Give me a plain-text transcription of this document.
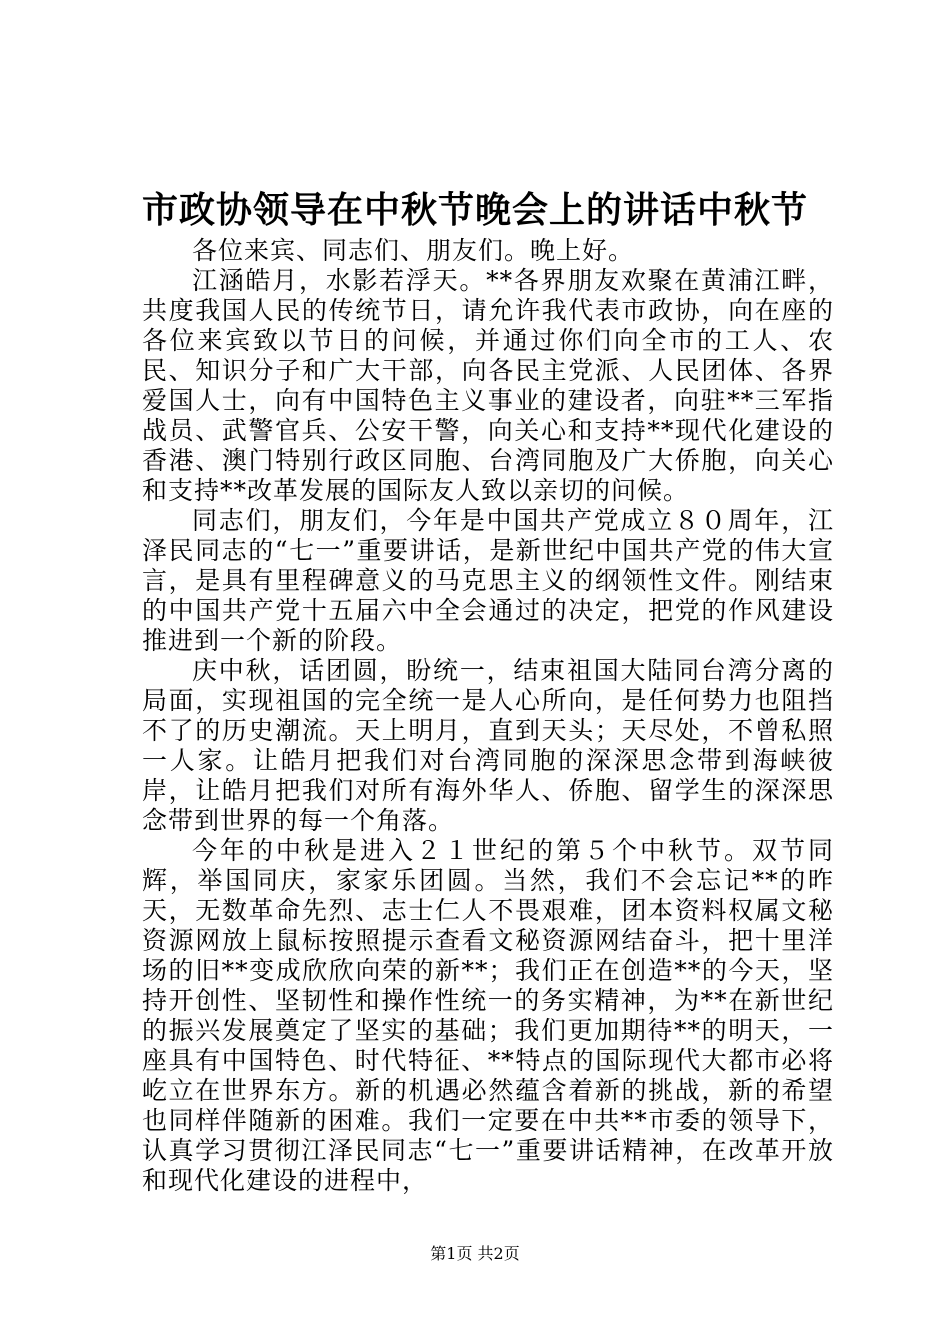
市政协领导在中秋节晚会上的讲话中秋节

各位来宾、同志们、朋友们。晚上好。

江涵皓月，水影若浮天。**各界朋友欢聚在黄浦江畔，共度我国人民的传统节日，请允许我代表市政协，向在座的各位来宾致以节日的问候，并通过你们向全市的工人、农民、知识分子和广大干部，向各民主党派、人民团体、各界爱国人士，向有中国特色主义事业的建设者，向驻**三军指战员、武警官兵、公安干警，向关心和支持**现代化建设的香港、澳门特别行政区同胞、台湾同胞及广大侨胞，向关心和支持**改革发展的国际友人致以亲切的问候。

同志们，朋友们，今年是中国共产党成立８０周年，江泽民同志的“七一”重要讲话，是新世纪中国共产党的伟大宣言，是具有里程碑意义的马克思主义的纲领性文件。刚结束的中国共产党十五届六中全会通过的决定，把党的作风建设推进到一个新的阶段。

庆中秋，话团圆，盼统一，结束祖国大陆同台湾分离的局面，实现祖国的完全统一是人心所向，是任何势力也阻挡不了的历史潮流。天上明月，直到天头；天尽处，不曾私照一人家。让皓月把我们对台湾同胞的深深思念带到海峡彼岸，让皓月把我们对所有海外华人、侨胞、留学生的深深思念带到世界的每一个角落。

今年的中秋是进入２１世纪的第５个中秋节。双节同辉，举国同庆，家家乐团圆。当然，我们不会忘记**的昨天，无数革命先烈、志士仁人不畏艰难，团本资料权属文秘资源网放上鼠标按照提示查看文秘资源网结奋斗，把十里洋场的旧**变成欣欣向荣的新**；我们正在创造**的今天，坚持开创性、坚韧性和操作性统一的务实精神，为**在新世纪的振兴发展奠定了坚实的基础；我们更加期待**的明天，一座具有中国特色、时代特征、**特点的国际现代大都市必将屹立在世界东方。新的机遇必然蕴含着新的挑战，新的希望也同样伴随新的困难。我们一定要在中共**市委的领导下，认真学习贯彻江泽民同志“七一”重要讲话精神，在改革开放和现代化建设的进程中，

第1页 共2页
